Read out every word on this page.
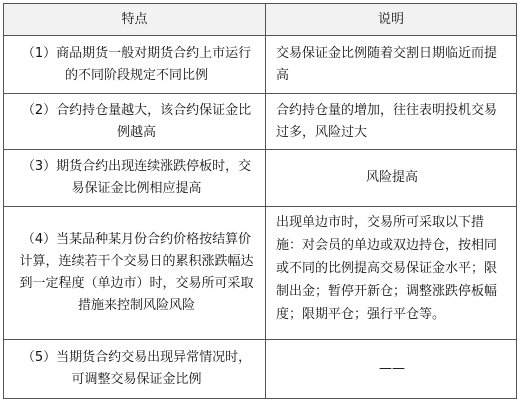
特点	说明
（1）商品期货一般对期货合约上市运行的不同阶段规定不同比例	交易保证金比例随着交割日期临近而提高
（2）合约持仓量越大，该合约保证金比例越高	合约持仓量的增加，往往表明投机交易过多，风险过大
（3）期货合约出现连续涨跌停板时，交易保证金比例相应提高	风险提高
（4）当某品种某月份合约价格按结算价计算，连续若干个交易日的累积涨跌幅达到一定程度（单边市）时，交易所可采取措施来控制风险风险	出现单边市时，交易所可采取以下措施：对会员的单边或双边持仓，按相同或不同的比例提高交易保证金水平；限制出金；暂停开新仓；调整涨跌停板幅度；限期平仓；强行平仓等。
（5）当期货合约交易出现异常情况时，可调整交易保证金比例	——
